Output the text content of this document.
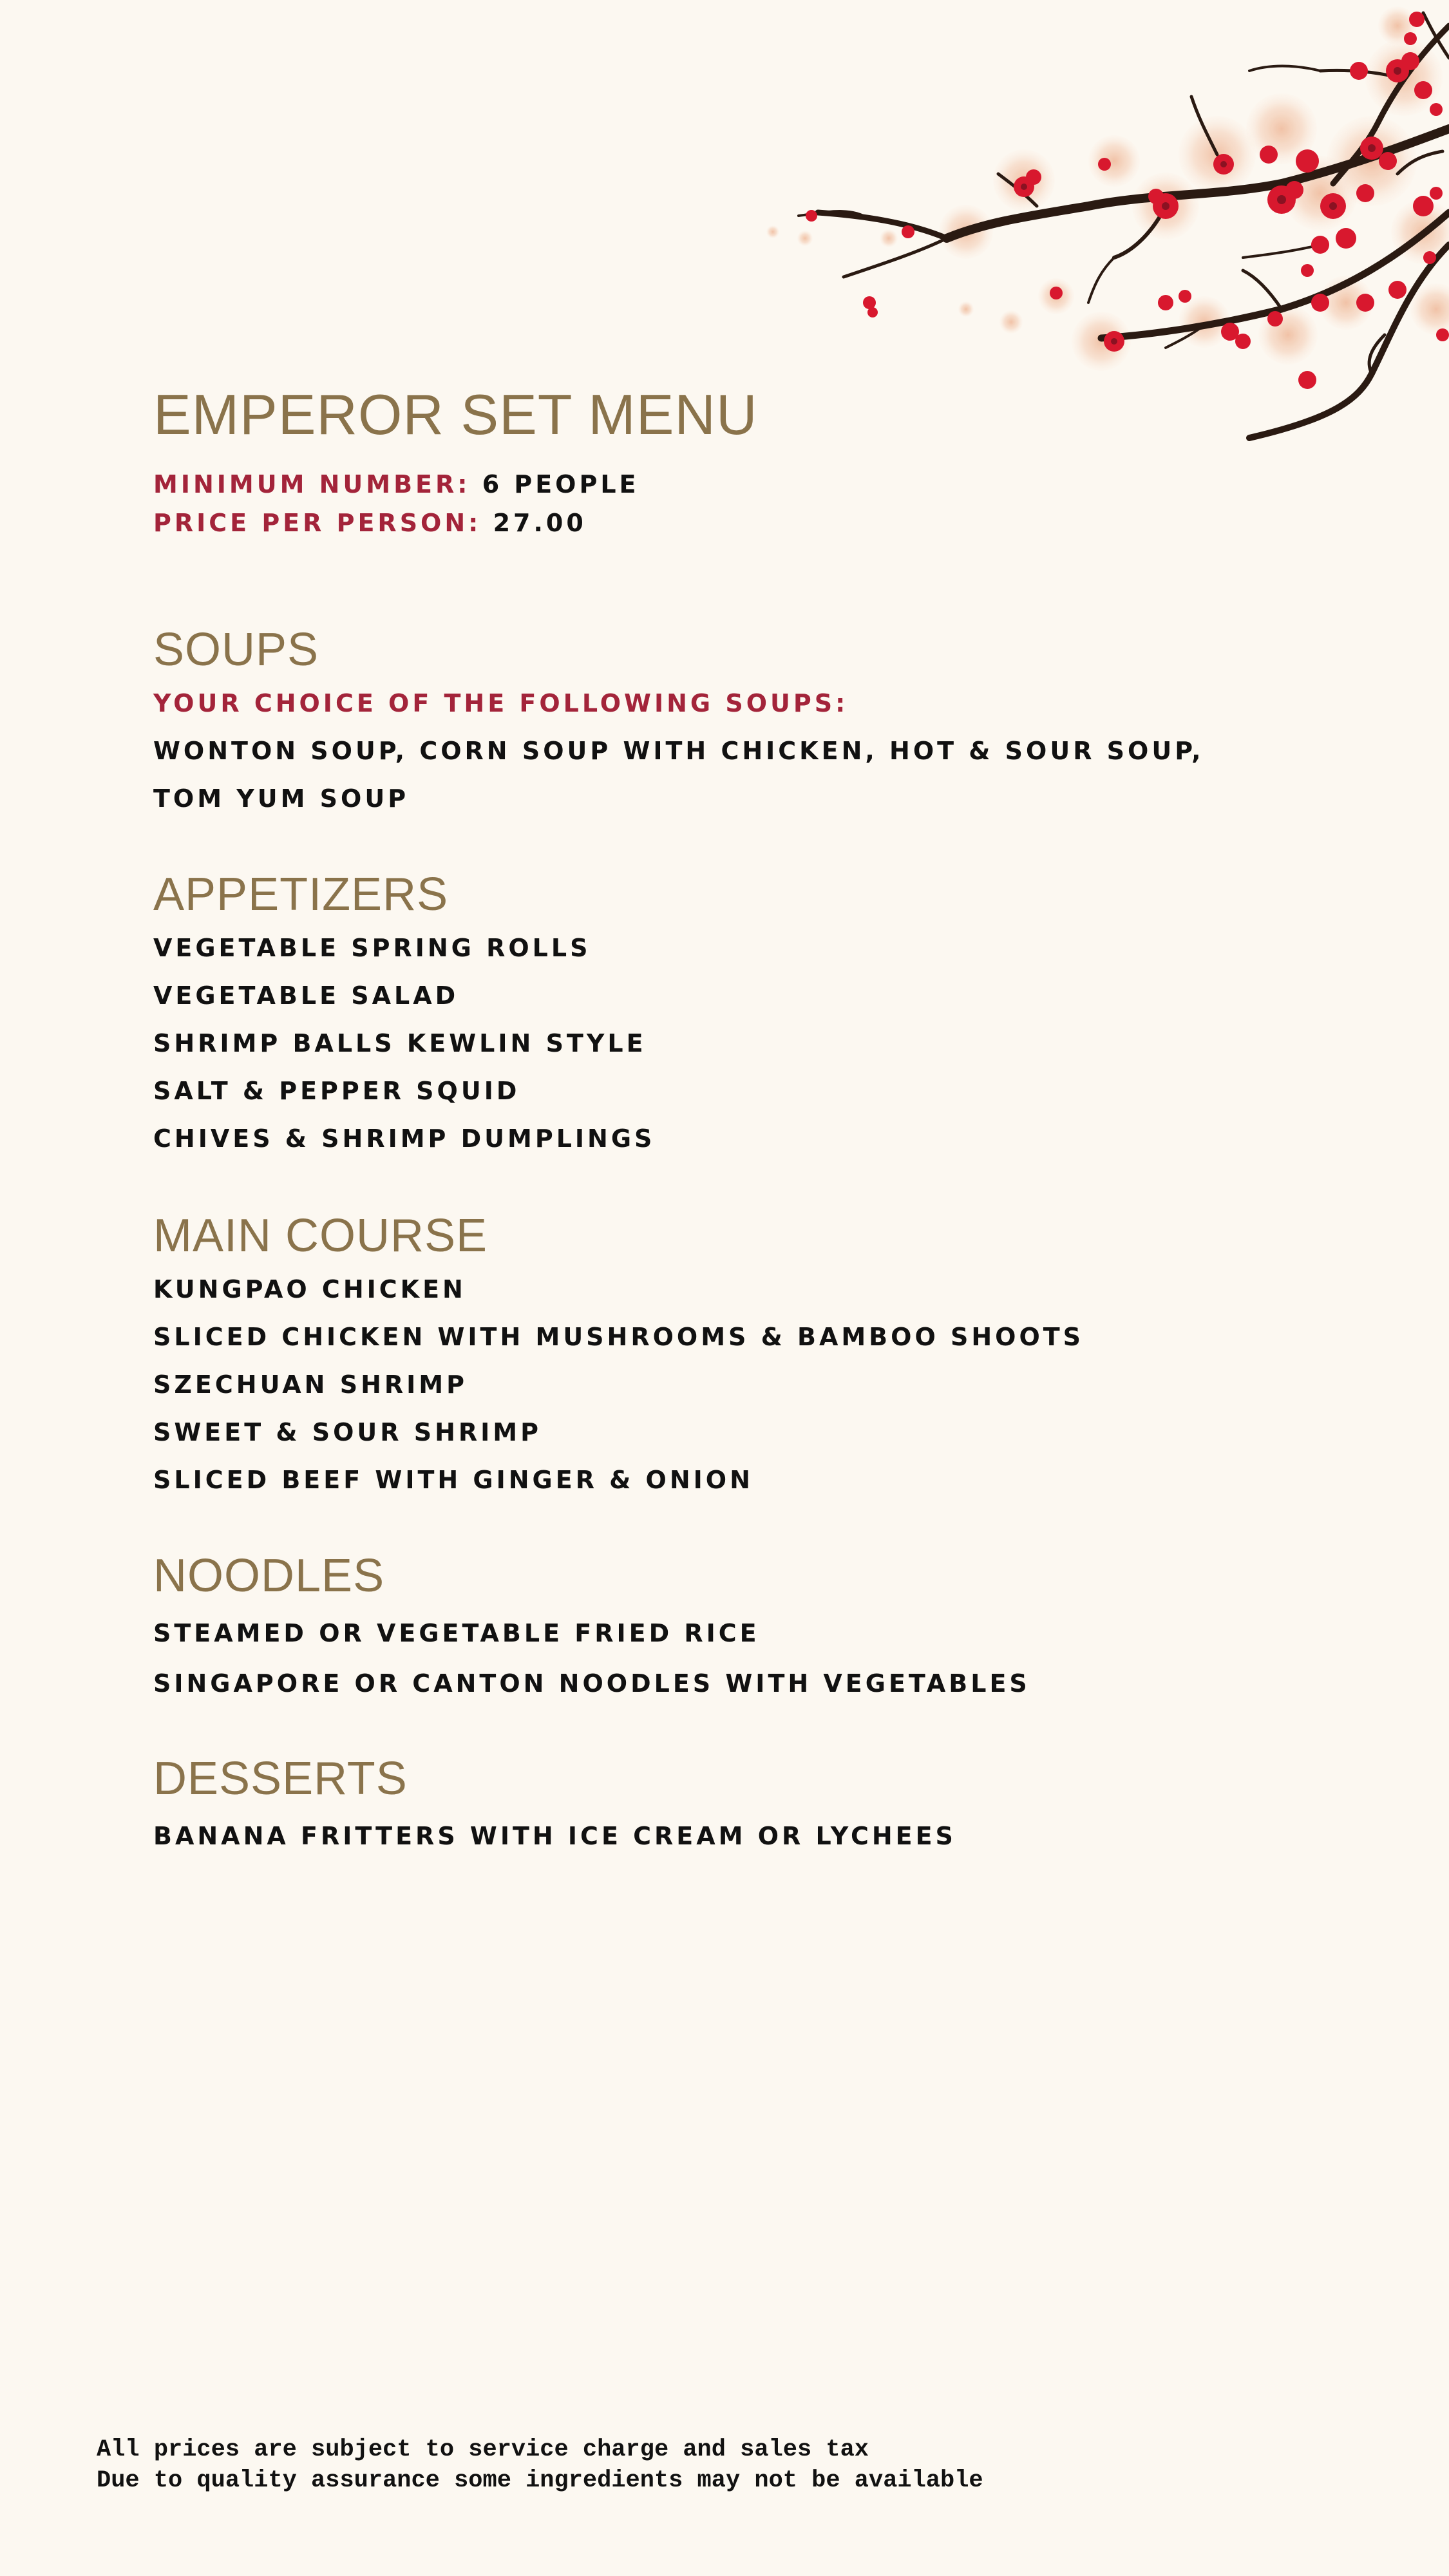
EMPEROR SET MENU
MINIMUM NUMBER: 6 PEOPLE
PRICE PER PERSON: 27.00
SOUPS
YOUR CHOICE OF THE FOLLOWING SOUPS:
WONTON SOUP, CORN SOUP WITH CHICKEN, HOT & SOUR SOUP,
TOM YUM SOUP
APPETIZERS
VEGETABLE SPRING ROLLS
VEGETABLE SALAD
SHRIMP BALLS KEWLIN STYLE
SALT & PEPPER SQUID
CHIVES & SHRIMP DUMPLINGS
MAIN COURSE
KUNGPAO CHICKEN
SLICED CHICKEN WITH MUSHROOMS & BAMBOO SHOOTS
SZECHUAN SHRIMP
SWEET & SOUR SHRIMP
SLICED BEEF WITH GINGER & ONION
NOODLES
STEAMED OR VEGETABLE FRIED RICE
SINGAPORE OR CANTON NOODLES WITH VEGETABLES
DESSERTS
BANANA FRITTERS WITH ICE CREAM OR LYCHEES
All prices are subject to service charge and sales tax
Due to quality assurance some ingredients may not be available
